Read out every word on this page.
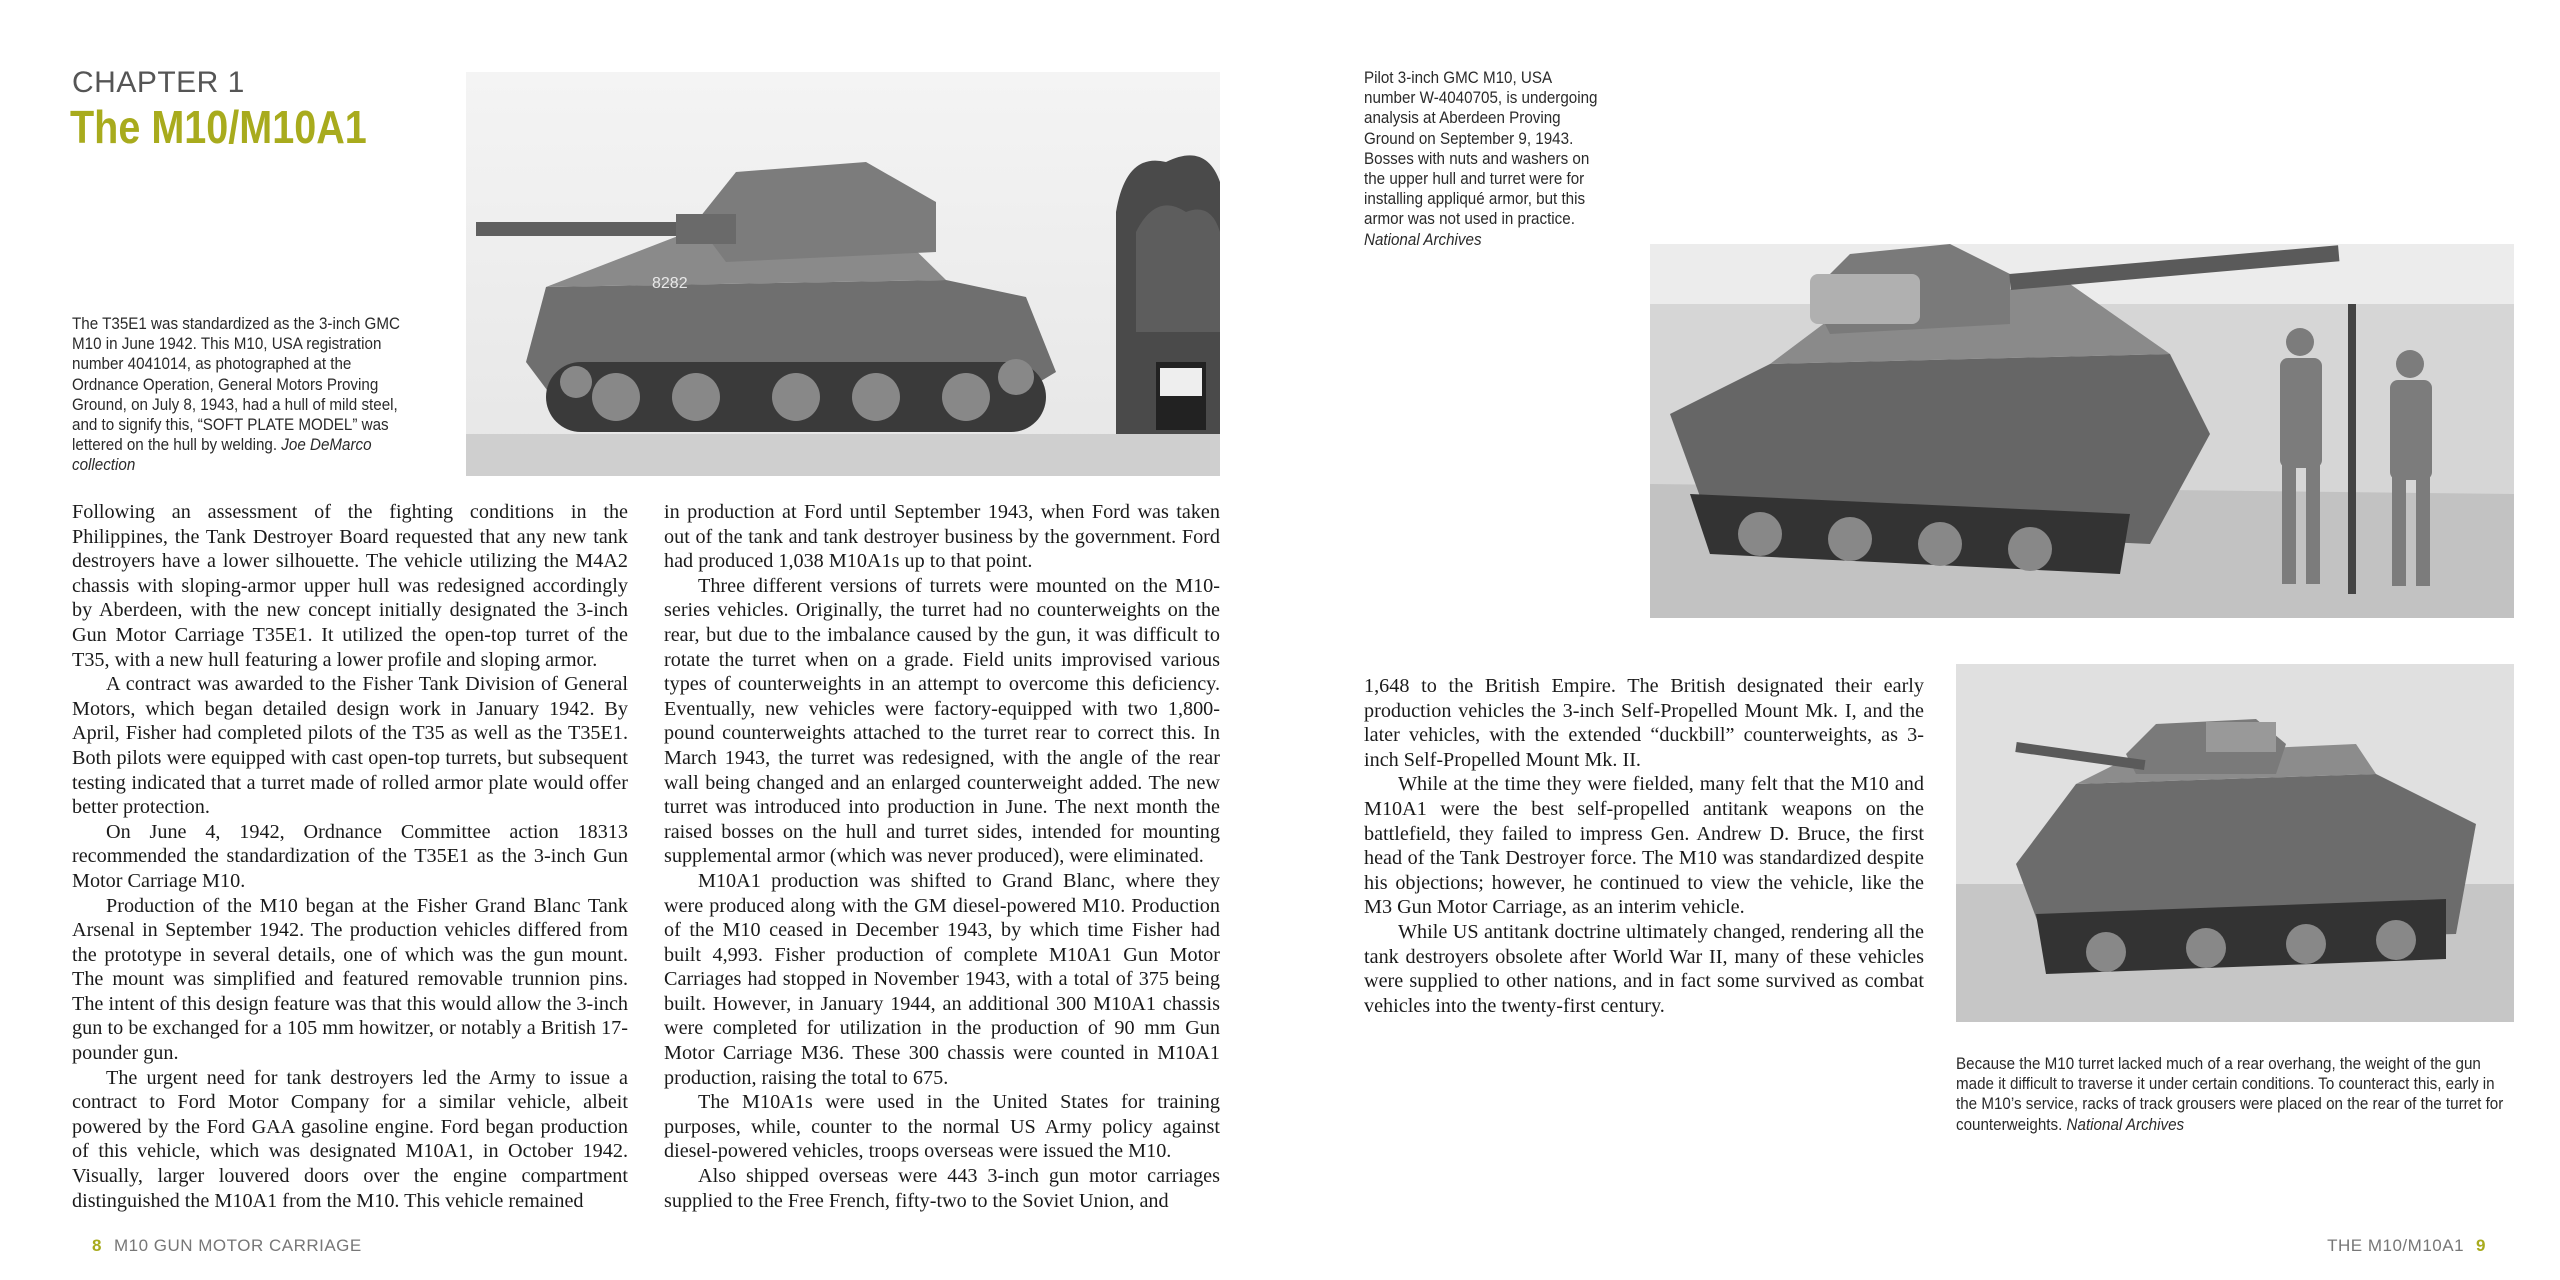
CHAPTER 1
The M10/M10A1
The T35E1 was standardized as the 3-inch GMC M10 in June 1942. This M10, USA registration number 4041014, as photographed at the Ordnance Operation, General Motors Proving Ground, on July 8, 1943, had a hull of mild steel, and to signify this, “SOFT PLATE MODEL” was lettered on the hull by welding. Joe DeMarco collection
8282

Following an assessment of the fighting conditions in the Philippines, the Tank Destroyer Board requested that any new tank destroyers have a lower silhouette. The vehicle utilizing the M4A2 chassis with sloping-armor upper hull was redesigned accordingly by Aberdeen, with the new concept initially designated the 3-inch Gun Motor Carriage T35E1. It utilized the open-top turret of the T35, with a new hull featuring a lower profile and sloping armor.

A contract was awarded to the Fisher Tank Division of General Motors, which began detailed design work in January 1942. By April, Fisher had completed pilots of the T35 as well as the T35E1. Both pilots were equipped with cast open-top turrets, but subsequent testing indicated that a turret made of rolled armor plate would offer better protection.

On June 4, 1942, Ordnance Committee action 18313 recommended the standardization of the T35E1 as the 3-inch Gun Motor Carriage M10.

Production of the M10 began at the Fisher Grand Blanc Tank Arsenal in September 1942. The production vehicles differed from the prototype in several details, one of which was the gun mount. The mount was simplified and featured removable trunnion pins. The intent of this design feature was that this would allow the 3-inch gun to be exchanged for a 105 mm howitzer, or notably a British 17-pounder gun.

The urgent need for tank destroyers led the Army to issue a contract to Ford Motor Company for a similar vehicle, albeit powered by the Ford GAA gasoline engine. Ford began production of this vehicle, which was designated M10A1, in October 1942. Visually, larger louvered doors over the engine compartment distinguished the M10A1 from the M10. This vehicle remained

in production at Ford until September 1943, when Ford was taken out of the tank and tank destroyer business by the government. Ford had produced 1,038 M10A1s up to that point.

Three different versions of turrets were mounted on the M10-series vehicles. Originally, the turret had no counterweights on the rear, but due to the imbalance caused by the gun, it was difficult to rotate the turret when on a grade. Field units improvised various types of counterweights in an attempt to overcome this deficiency. Eventually, new vehicles were factory-equipped with two 1,800-pound counterweights attached to the turret rear to correct this. In March 1943, the turret was redesigned, with the angle of the rear wall being changed and an enlarged counterweight added. The new turret was introduced into production in June. The next month the raised bosses on the hull and turret sides, intended for mounting supplemental armor (which was never produced), were eliminated.

M10A1 production was shifted to Grand Blanc, where they were produced along with the GM diesel-powered M10. Production of the M10 ceased in December 1943, by which time Fisher had built 4,993. Fisher production of complete M10A1 Gun Motor Carriages had stopped in November 1943, with a total of 375 being built. However, in January 1944, an additional 300 M10A1 chassis were completed for utilization in the production of 90 mm Gun Motor Carriage M36. These 300 chassis were counted in M10A1 production, raising the total to 675.

The M10A1s were used in the United States for training purposes, while, counter to the normal US Army policy against diesel-powered vehicles, troops overseas were issued the M10.

Also shipped overseas were 443 3-inch gun motor carriages supplied to the Free French, fifty-two to the Soviet Union, and

8 M10 GUN MOTOR CARRIAGE
Pilot 3-inch GMC M10, USA number W-4040705, is undergoing analysis at Aberdeen Proving Ground on September 9, 1943. Bosses with nuts and washers on the upper hull and turret were for installing appliqué armor, but this armor was not used in practice. National Archives

1,648 to the British Empire. The British designated their early production vehicles the 3-inch Self-Propelled Mount Mk. I, and the later vehicles, with the extended “duckbill” counterweights, as 3-inch Self-Propelled Mount Mk. II.

While at the time they were fielded, many felt that the M10 and M10A1 were the best self-propelled antitank weapons on the battlefield, they failed to impress Gen. Andrew D. Bruce, the first head of the Tank Destroyer force. The M10 was standardized despite his objections; however, he continued to view the vehicle, like the M3 Gun Motor Carriage, as an interim vehicle.

While US antitank doctrine ultimately changed, rendering all the tank destroyers obsolete after World War II, many of these vehicles were supplied to other nations, and in fact some survived as combat vehicles into the twenty-first century.

Because the M10 turret lacked much of a rear overhang, the weight of the gun made it difficult to traverse it under certain conditions. To counteract this, early in the M10’s service, racks of track grousers were placed on the rear of the turret for counterweights. National Archives
THE M10/M10A1 9
